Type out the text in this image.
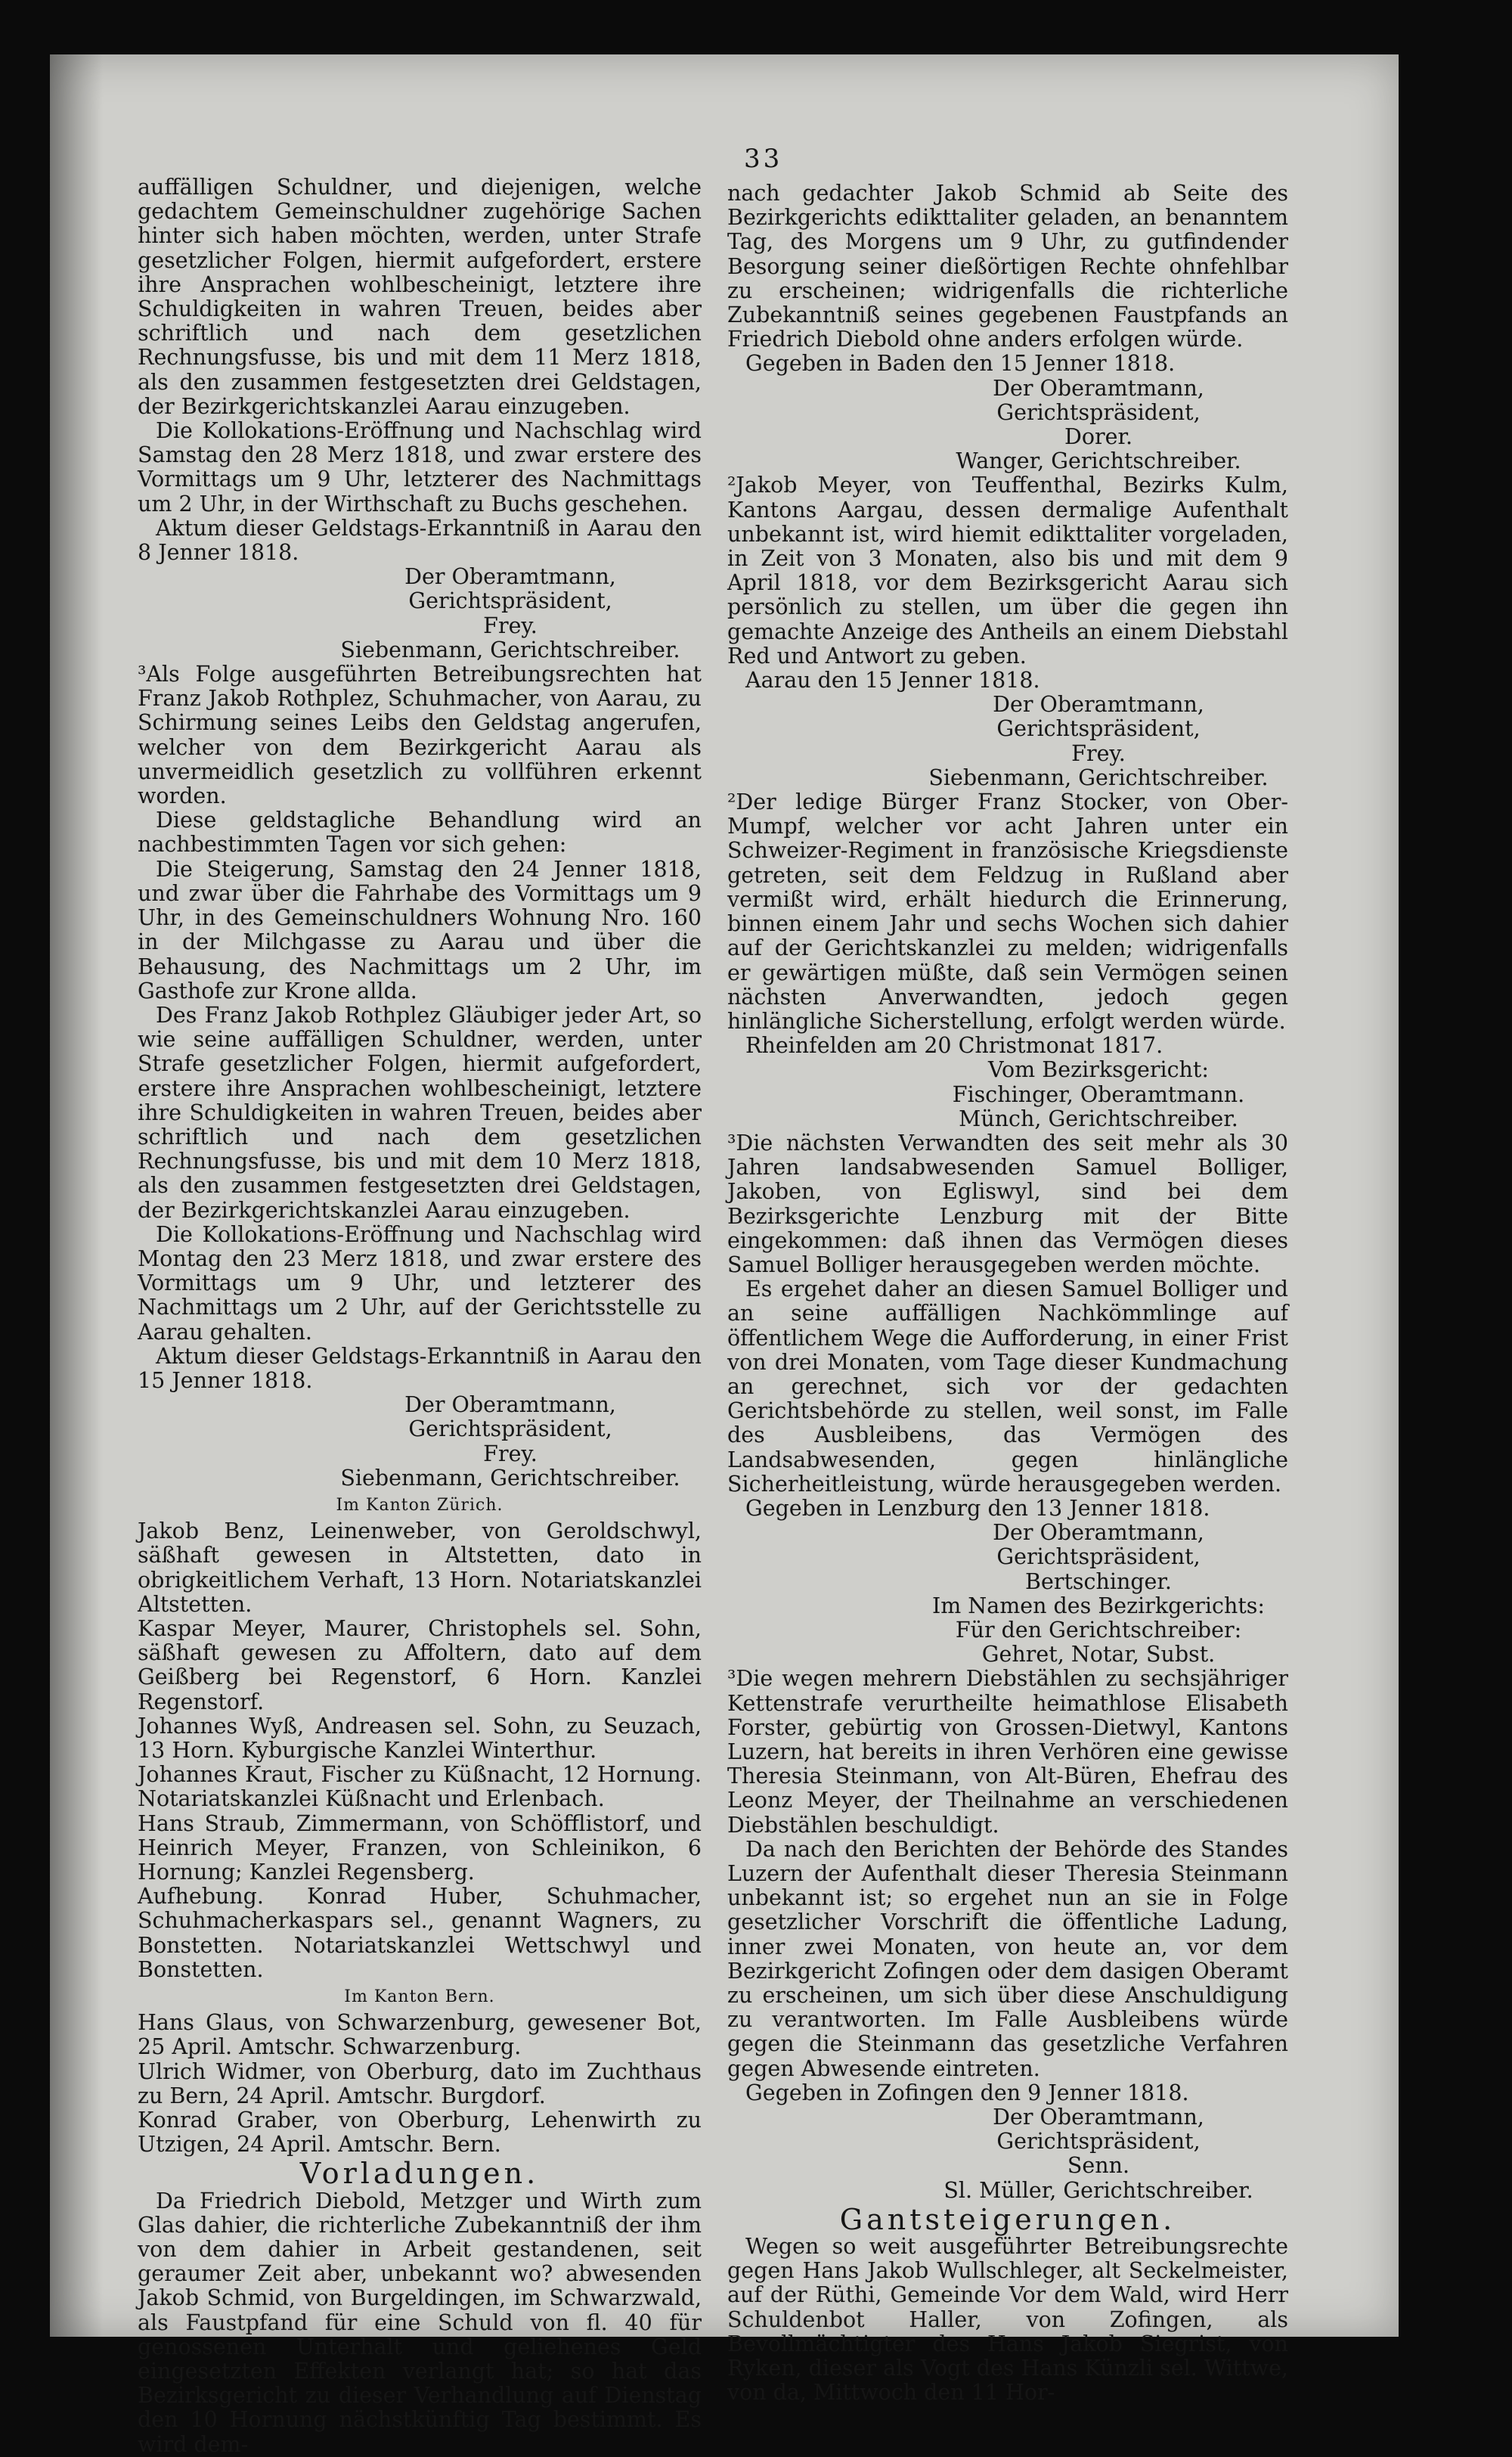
33

auffälligen Schuldner, und diejenigen, welche gedachtem Gemeinschuldner zugehörige Sachen hinter sich haben möchten, werden, unter Strafe gesetzlicher Folgen, hiermit aufgefordert, erstere ihre Ansprachen wohlbescheinigt, letztere ihre Schuldigkeiten in wahren Treuen, beides aber schriftlich und nach dem gesetzlichen Rechnungsfusse, bis und mit dem 11 Merz 1818, als den zusammen festgesetzten drei Geldstagen, der Bezirkgerichtskanzlei Aarau einzugeben.

Die Kollokations-Eröffnung und Nachschlag wird Samstag den 28 Merz 1818, und zwar erstere des Vormittags um 9 Uhr, letzterer des Nachmittags um 2 Uhr, in der Wirthschaft zu Buchs geschehen.

Aktum dieser Geldstags-Erkanntniß in Aarau den 8 Jenner 1818.

Der Oberamtmann, Gerichtspräsident,

Frey.

Siebenmann, Gerichtschreiber.

³Als Folge ausgeführten Betreibungsrechten hat Franz Jakob Rothplez, Schuhmacher, von Aarau, zu Schirmung seines Leibs den Geldstag angerufen, welcher von dem Bezirkgericht Aarau als unvermeidlich gesetzlich zu vollführen erkennt worden.

Diese geldstagliche Behandlung wird an nachbestimmten Tagen vor sich gehen:

Die Steigerung, Samstag den 24 Jenner 1818, und zwar über die Fahrhabe des Vormittags um 9 Uhr, in des Gemeinschuldners Wohnung Nro. 160 in der Milchgasse zu Aarau und über die Behausung, des Nachmittags um 2 Uhr, im Gasthofe zur Krone allda.

Des Franz Jakob Rothplez Gläubiger jeder Art, so wie seine auffälligen Schuldner, werden, unter Strafe gesetzlicher Folgen, hiermit aufgefordert, erstere ihre Ansprachen wohlbescheinigt, letztere ihre Schuldigkeiten in wahren Treuen, beides aber schriftlich und nach dem gesetzlichen Rechnungsfusse, bis und mit dem 10 Merz 1818, als den zusammen festgesetzten drei Geldstagen, der Bezirkgerichtskanzlei Aarau einzugeben.

Die Kollokations-Eröffnung und Nachschlag wird Montag den 23 Merz 1818, und zwar erstere des Vormittags um 9 Uhr, und letzterer des Nachmittags um 2 Uhr, auf der Gerichtsstelle zu Aarau gehalten.

Aktum dieser Geldstags-Erkanntniß in Aarau den 15 Jenner 1818.

Der Oberamtmann, Gerichtspräsident,

Frey.

Siebenmann, Gerichtschreiber.

Im Kanton Zürich.

Jakob Benz, Leinenweber, von Geroldschwyl, säßhaft gewesen in Altstetten, dato in obrigkeitlichem Verhaft, 13 Horn. Notariatskanzlei Altstetten.

Kaspar Meyer, Maurer, Christophels sel. Sohn, säßhaft gewesen zu Affoltern, dato auf dem Geißberg bei Regenstorf, 6 Horn. Kanzlei Regenstorf.

Johannes Wyß, Andreasen sel. Sohn, zu Seuzach, 13 Horn. Kyburgische Kanzlei Winterthur.

Johannes Kraut, Fischer zu Küßnacht, 12 Hornung. Notariatskanzlei Küßnacht und Erlenbach.

Hans Straub, Zimmermann, von Schöfflistorf, und Heinrich Meyer, Franzen, von Schleinikon, 6 Hornung; Kanzlei Regensberg.

Aufhebung. Konrad Huber, Schuhmacher, Schuhmacherkaspars sel., genannt Wagners, zu Bonstetten. Notariatskanzlei Wettschwyl und Bonstetten.

Im Kanton Bern.

Hans Glaus, von Schwarzenburg, gewesener Bot, 25 April. Amtschr. Schwarzenburg.

Ulrich Widmer, von Oberburg, dato im Zuchthaus zu Bern, 24 April. Amtschr. Burgdorf.

Konrad Graber, von Oberburg, Lehenwirth zu Utzigen, 24 April. Amtschr. Bern.

Vorladungen.

Da Friedrich Diebold, Metzger und Wirth zum Glas dahier, die richterliche Zubekanntniß der ihm von dem dahier in Arbeit gestandenen, seit geraumer Zeit aber, unbekannt wo? abwesenden Jakob Schmid, von Burgeldingen, im Schwarzwald, als Faustpfand für eine Schuld von fl. 40 für genossenen Unterhalt und geliehenes Geld eingesetzten Effekten verlangt hat; so hat das Bezirksgericht zu dieser Verhandlung auf Dienstag den 10 Hornung nächstkünftig Tag bestimmt. Es wird dem-

nach gedachter Jakob Schmid ab Seite des Bezirkgerichts edikttaliter geladen, an benanntem Tag, des Morgens um 9 Uhr, zu gutfindender Besorgung seiner dießörtigen Rechte ohnfehlbar zu erscheinen; widrigenfalls die richterliche Zubekanntniß seines gegebenen Faustpfands an Friedrich Diebold ohne anders erfolgen würde.

Gegeben in Baden den 15 Jenner 1818.

Der Oberamtmann, Gerichtspräsident,

Dorer.

Wanger, Gerichtschreiber.

²Jakob Meyer, von Teuffenthal, Bezirks Kulm, Kantons Aargau, dessen dermalige Aufenthalt unbekannt ist, wird hiemit edikttaliter vorgeladen, in Zeit von 3 Monaten, also bis und mit dem 9 April 1818, vor dem Bezirksgericht Aarau sich persönlich zu stellen, um über die gegen ihn gemachte Anzeige des Antheils an einem Diebstahl Red und Antwort zu geben.

Aarau den 15 Jenner 1818.

Der Oberamtmann, Gerichtspräsident,

Frey.

Siebenmann, Gerichtschreiber.

²Der ledige Bürger Franz Stocker, von Ober-Mumpf, welcher vor acht Jahren unter ein Schweizer-Regiment in französische Kriegsdienste getreten, seit dem Feldzug in Rußland aber vermißt wird, erhält hiedurch die Erinnerung, binnen einem Jahr und sechs Wochen sich dahier auf der Gerichtskanzlei zu melden; widrigenfalls er gewärtigen müßte, daß sein Vermögen seinen nächsten Anverwandten, jedoch gegen hinlängliche Sicherstellung, erfolgt werden würde.

Rheinfelden am 20 Christmonat 1817.

Vom Bezirksgericht:

Fischinger, Oberamtmann.

Münch, Gerichtschreiber.

³Die nächsten Verwandten des seit mehr als 30 Jahren landsabwesenden Samuel Bolliger, Jakoben, von Egliswyl, sind bei dem Bezirksgerichte Lenzburg mit der Bitte eingekommen: daß ihnen das Vermögen dieses Samuel Bolliger herausgegeben werden möchte.

Es ergehet daher an diesen Samuel Bolliger und an seine auffälligen Nachkömmlinge auf öffentlichem Wege die Aufforderung, in einer Frist von drei Monaten, vom Tage dieser Kundmachung an gerechnet, sich vor der gedachten Gerichtsbehörde zu stellen, weil sonst, im Falle des Ausbleibens, das Vermögen des Landsabwesenden, gegen hinlängliche Sicherheitleistung, würde herausgegeben werden.

Gegeben in Lenzburg den 13 Jenner 1818.

Der Oberamtmann, Gerichtspräsident,

Bertschinger.

Im Namen des Bezirkgerichts:

Für den Gerichtschreiber:

Gehret, Notar, Subst.

³Die wegen mehrern Diebstählen zu sechsjähriger Kettenstrafe verurtheilte heimathlose Elisabeth Forster, gebürtig von Grossen-Dietwyl, Kantons Luzern, hat bereits in ihren Verhören eine gewisse Theresia Steinmann, von Alt-Büren, Ehefrau des Leonz Meyer, der Theilnahme an verschiedenen Diebstählen beschuldigt.

Da nach den Berichten der Behörde des Standes Luzern der Aufenthalt dieser Theresia Steinmann unbekannt ist; so ergehet nun an sie in Folge gesetzlicher Vorschrift die öffentliche Ladung, inner zwei Monaten, von heute an, vor dem Bezirkgericht Zofingen oder dem dasigen Oberamt zu erscheinen, um sich über diese Anschuldigung zu verantworten. Im Falle Ausbleibens würde gegen die Steinmann das gesetzliche Verfahren gegen Abwesende eintreten.

Gegeben in Zofingen den 9 Jenner 1818.

Der Oberamtmann, Gerichtspräsident,

Senn.

Sl. Müller, Gerichtschreiber.

Gantsteigerungen.

Wegen so weit ausgeführter Betreibungsrechte gegen Hans Jakob Wullschleger, alt Seckelmeister, auf der Rüthi, Gemeinde Vor dem Wald, wird Herr Schuldenbot Haller, von Zofingen, als Bevollmächtigter des Hans Jakob Siegrist, von Ryken, dieser als Vogt des Hans Künzli sel. Wittwe, von da, Mittwoch den 11 Hor-
